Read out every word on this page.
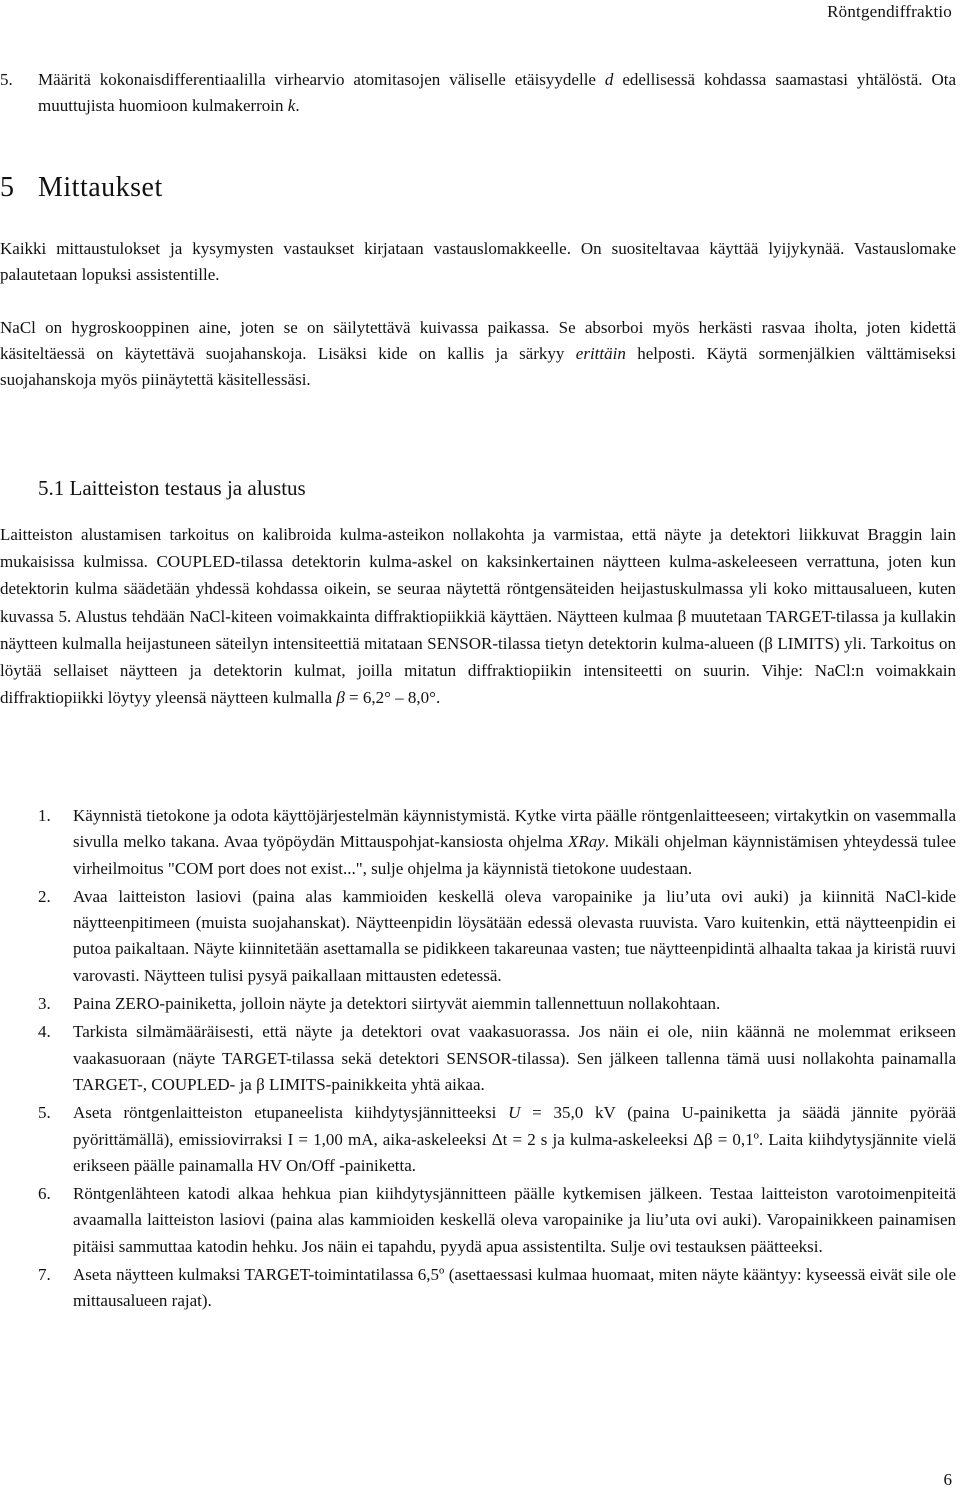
Röntgendiffraktio
5. Määritä kokonaisdifferentiaalilla virhearvio atomitasojen väliselle etäisyydelle d edellisessä kohdassa saamastasi yhtälöstä. Ota muuttujista huomioon kulmakerroin k.
5 Mittaukset
Kaikki mittaustulokset ja kysymysten vastaukset kirjataan vastauslomakkeelle. On suositeltavaa käyttää lyijykynää. Vastauslomake palautetaan lopuksi assistentille.
NaCl on hygroskooppinen aine, joten se on säilytettävä kuivassa paikassa. Se absorboi myös herkästi rasvaa iholta, joten kidettä käsiteltäessä on käytettävä suojahanskoja. Lisäksi kide on kallis ja särkyy erittäin helposti. Käytä sormenjälkien välttämiseksi suojahanskoja myös piinäytettä käsitellessäsi.
5.1 Laitteiston testaus ja alustus
Laitteiston alustamisen tarkoitus on kalibroida kulma-asteikon nollakohta ja varmistaa, että näyte ja detektori liikkuvat Braggin lain mukaisissa kulmissa. COUPLED-tilassa detektorin kulma-askel on kaksinkertainen näytteen kulma-askeleeseen verrattuna, joten kun detektorin kulma säädetään yhdessä kohdassa oikein, se seuraa näytettä röntgensäteiden heijastuskulmassa yli koko mittausalueen, kuten kuvassa 5. Alustus tehdään NaCl-kiteen voimakkainta diffraktiopiikkiä käyttäen. Näytteen kulmaa β muutetaan TARGET-tilassa ja kullakin näytteen kulmalla heijastuneen säteilyn intensiteettiä mitataan SENSOR-tilassa tietyn detektorin kulma-alueen (β LIMITS) yli. Tarkoitus on löytää sellaiset näytteen ja detektorin kulmat, joilla mitatun diffraktiopiikin intensiteetti on suurin. Vihje: NaCl:n voimakkain diffraktiopiikki löytyy yleensä näytteen kulmalla β = 6,2° – 8,0°.
1. Käynnistä tietokone ja odota käyttöjärjestelmän käynnistymistä. Kytke virta päälle röntgenlaitteeseen; virtakytkin on vasemmalla sivulla melko takana. Avaa työpöydän Mittauspohjat-kansiosta ohjelma XRay. Mikäli ohjelman käynnistämisen yhteydessä tulee virheilmoitus "COM port does not exist...", sulje ohjelma ja käynnistä tietokone uudestaan.
2. Avaa laitteiston lasiovi (paina alas kammioiden keskellä oleva varopainike ja liu’uta ovi auki) ja kiinnitä NaCl-kide näytteenpitimeen (muista suojahanskat). Näytteenpidin löysätään edessä olevasta ruuvista. Varo kuitenkin, että näytteenpidin ei putoa paikaltaan. Näyte kiinnitetään asettamalla se pidikkeen takareunaa vasten; tue näytteenpidintä alhaalta takaa ja kiristä ruuvi varovasti. Näytteen tulisi pysyä paikallaan mittausten edetessä.
3. Paina ZERO-painiketta, jolloin näyte ja detektori siirtyvät aiemmin tallennettuun nollakohtaan.
4. Tarkista silmämääräisesti, että näyte ja detektori ovat vaakasuorassa. Jos näin ei ole, niin käännä ne molemmat erikseen vaakasuoraan (näyte TARGET-tilassa sekä detektori SENSOR-tilassa). Sen jälkeen tallenna tämä uusi nollakohta painamalla TARGET-, COUPLED- ja β LIMITS-painikkeita yhtä aikaa.
5. Aseta röntgenlaitteiston etupaneelista kiihdytysjännitteeksi U = 35,0 kV (paina U-painiketta ja säädä jännite pyörää pyörittämällä), emissiovirraksi I = 1,00 mA, aika-askeleeksi Δt = 2 s ja kulma-askeleeksi Δβ = 0,1º. Laita kiihdytysjännite vielä erikseen päälle painamalla HV On/Off -painiketta.
6. Röntgenlähteen katodi alkaa hehkua pian kiihdytysjännitteen päälle kytkemisen jälkeen. Testaa laitteiston varotoimenpiteitä avaamalla laitteiston lasiovi (paina alas kammioiden keskellä oleva varopainike ja liu’uta ovi auki). Varopainikkeen painamisen pitäisi sammuttaa katodin hehku. Jos näin ei tapahdu, pyydä apua assistentilta. Sulje ovi testauksen päätteeksi.
7. Aseta näytteen kulmaksi TARGET-toimintatilassa 6,5º (asettaessasi kulmaa huomaat, miten näyte kääntyy: kyseessä eivät sile ole mittausalueen rajat).
6
